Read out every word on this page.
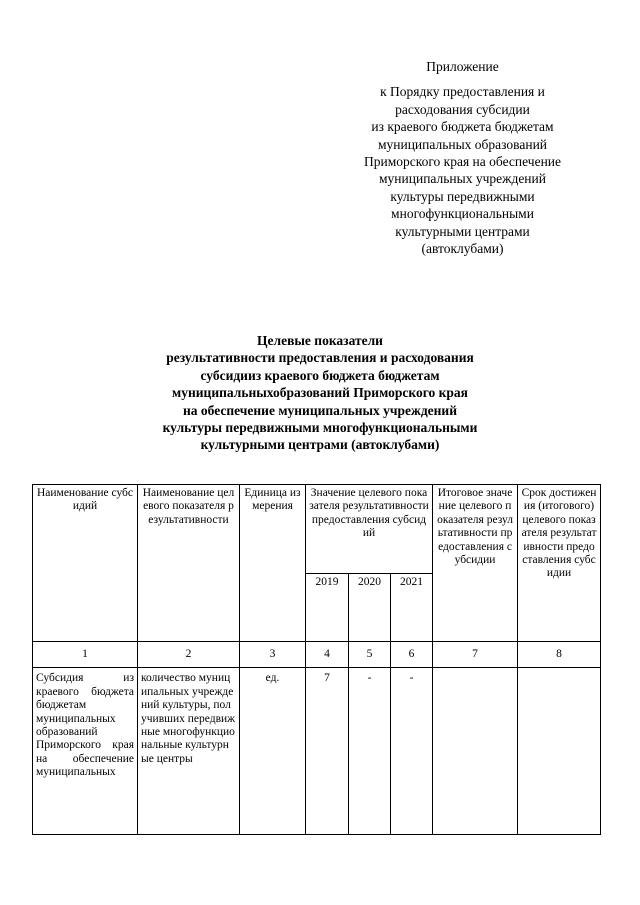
Приложение
к Порядку предоставления и
расходования субсидии
из краевого бюджета бюджетам
муниципальных образований
Приморского края на обеспечение
муниципальных учреждений
культуры передвижными
многофункциональными
культурными центрами
(автоклубами)
Целевые показатели
результативности предоставления и расходования
субсидииз краевого бюджета бюджетам
муниципальныхобразований Приморского края
на обеспечение муниципальных учреждений
культуры передвижными многофункциональными
культурными центрами (автоклубами)
Наименование субсидий	Наименование целевого показателя результативности	Единица измерения	Значение целевого показателя результативности предоставления субсидий			Итоговое значение целевого показателя результативности предоставления субсидии	Срок достижения (итогового) целевого показателя результативности предоставления субсидии
			2019	2020	2021		
1	2	3	4	5	6	7	8
Субсидия из краевого бюджета бюджетам муниципальных образований Приморского края на обеспечение муниципальных	количество муниципальных учреждений культуры, получивших передвижные многофункциональные культурные центры	ед.	7	-	-		
